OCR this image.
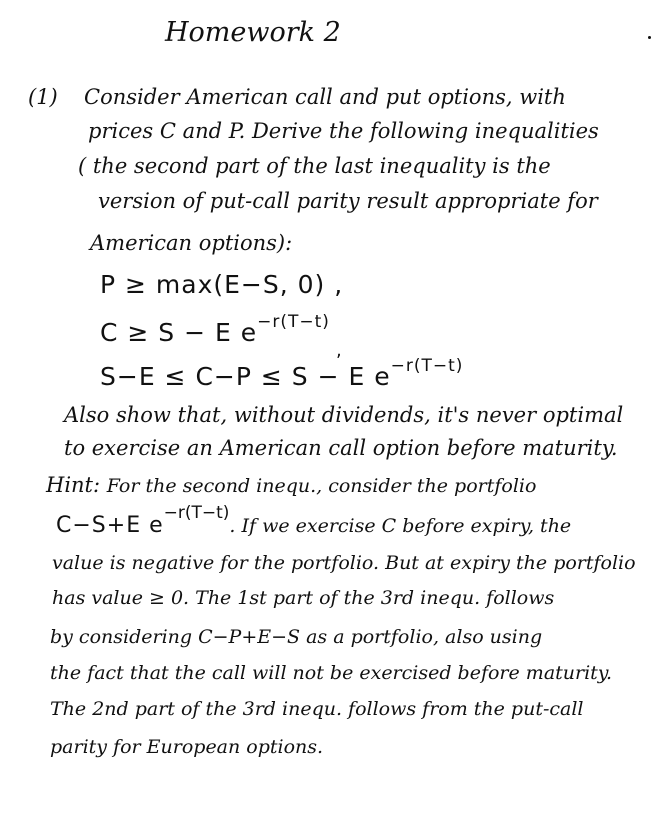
Homework 2
(1) Consider American call and put options, with
prices C and P. Derive the following inequalities
( the second part of the last inequality is the
version of put-call parity result appropriate for
American options):
P ≥ max(E−S, 0) ,
C ≥ S − E $e^{-r(T-t)}$
,
S−E ≤ C−P ≤ S − E $e^{-r(T-t)}$
Also show that, without dividends, it's never optimal
to exercise an American call option before maturity.
Hint: For the second inequ., consider the portfolio
C−S+E $e^{-r(T-t)}$. If we exercise C before expiry, the
value is negative for the portfolio. But at expiry the portfolio
has value ≥ 0. The 1st part of the 3rd inequ. follows
by considering C−P+E−S as a portfolio, also using
the fact that the call will not be exercised before maturity.
The 2nd part of the 3rd inequ. follows from the put-call
parity for European options.
